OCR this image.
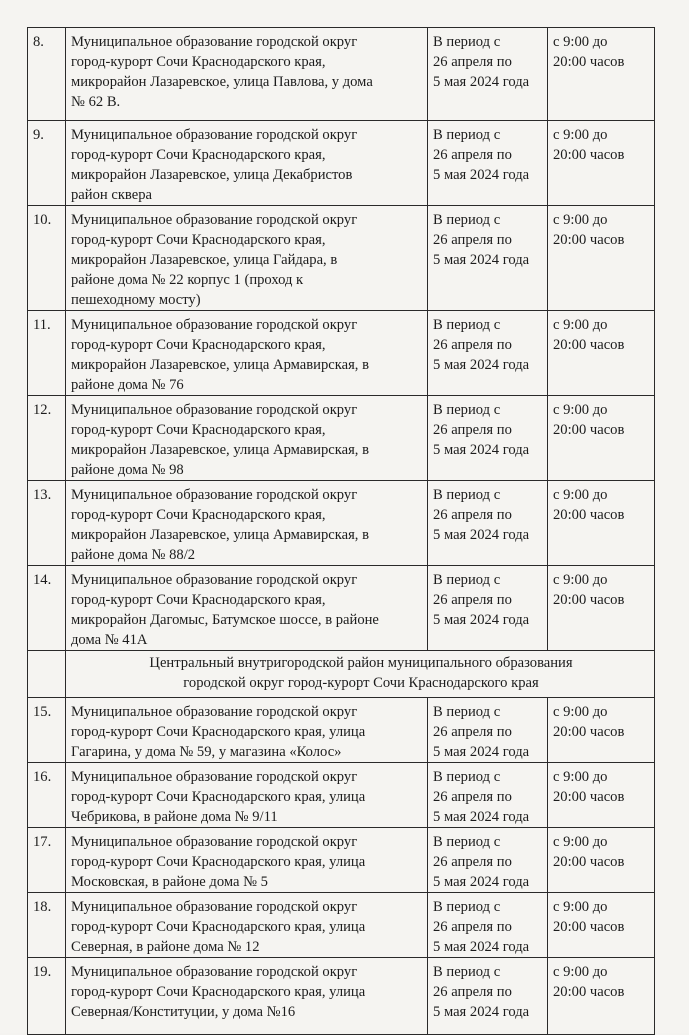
8.	Муниципальное образование городской округ
город-курорт Сочи Краснодарского края,
микрорайон Лазаревское, улица Павлова, у дома
№ 62 В.	В период с
26 апреля по
5 мая 2024 года	с 9:00 до
20:00 часов
9.	Муниципальное образование городской округ
город-курорт Сочи Краснодарского края,
микрорайон Лазаревское, улица Декабристов
район сквера	В период с
26 апреля по
5 мая 2024 года	с 9:00 до
20:00 часов
10.	Муниципальное образование городской округ
город-курорт Сочи Краснодарского края,
микрорайон Лазаревское, улица Гайдара, в
районе дома № 22 корпус 1 (проход к
пешеходному мосту)	В период с
26 апреля по
5 мая 2024 года	с 9:00 до
20:00 часов
11.	Муниципальное образование городской округ
город-курорт Сочи Краснодарского края,
микрорайон Лазаревское, улица Армавирская, в
районе дома № 76	В период с
26 апреля по
5 мая 2024 года	с 9:00 до
20:00 часов
12.	Муниципальное образование городской округ
город-курорт Сочи Краснодарского края,
микрорайон Лазаревское, улица Армавирская, в
районе дома № 98	В период с
26 апреля по
5 мая 2024 года	с 9:00 до
20:00 часов
13.	Муниципальное образование городской округ
город-курорт Сочи Краснодарского края,
микрорайон Лазаревское, улица Армавирская, в
районе дома № 88/2	В период с
26 апреля по
5 мая 2024 года	с 9:00 до
20:00 часов
14.	Муниципальное образование городской округ
город-курорт Сочи Краснодарского края,
микрорайон Дагомыс, Батумское шоссе, в районе
дома № 41А	В период с
26 апреля по
5 мая 2024 года	с 9:00 до
20:00 часов
	Центральный внутригородской район муниципального образования
городской округ город-курорт Сочи Краснодарского края		
15.	Муниципальное образование городской округ
город-курорт Сочи Краснодарского края, улица
Гагарина, у дома № 59, у магазина «Колос»	В период с
26 апреля по
5 мая 2024 года	с 9:00 до
20:00 часов
16.	Муниципальное образование городской округ
город-курорт Сочи Краснодарского края, улица
Чебрикова, в районе дома № 9/11	В период с
26 апреля по
5 мая 2024 года	с 9:00 до
20:00 часов
17.	Муниципальное образование городской округ
город-курорт Сочи Краснодарского края, улица
Московская, в районе дома № 5	В период с
26 апреля по
5 мая 2024 года	с 9:00 до
20:00 часов
18.	Муниципальное образование городской округ
город-курорт Сочи Краснодарского края, улица
Северная, в районе дома № 12	В период с
26 апреля по
5 мая 2024 года	с 9:00 до
20:00 часов
19.	Муниципальное образование городской округ
город-курорт Сочи Краснодарского края, улица
Северная/Конституции, у дома №16	В период с
26 апреля по
5 мая 2024 года	с 9:00 до
20:00 часов
